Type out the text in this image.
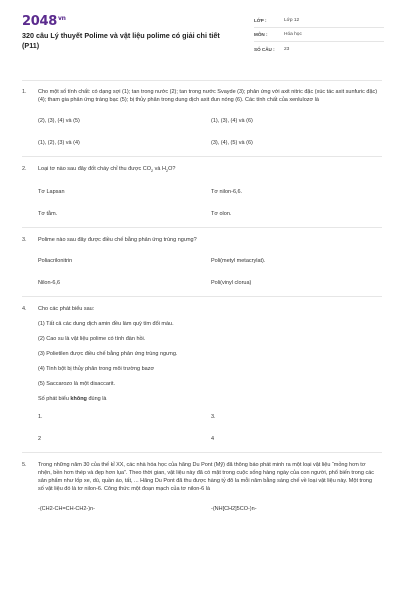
$2048^{vn}$
320 câu Lý thuyết Polime và vật liệu polime có giải chi tiết (P11)
LỚP :	Lớp 12
MÔN :	Hóa học
SỐ CÂU :	23
1.	Cho một số tính chất: có dạng sợi (1); tan trong nước (2); tan trong nước Svayde (3); phản ứng với axit nitric đặc (xúc tác axit sunfuric đặc) (4); tham gia phản ứng tráng bạc (5); bị thủy phân trong dung dịch axit đun nóng (6). Các tính chất của xenlulozơ là
(2), (3), (4) và (5)	(1), (3), (4) và (6)
(1), (2), (3) và (4)	(3), (4), (5) và (6)
2.	Loại tơ nào sau đây đốt cháy chỉ thu được $CO_2$ và $H_2O$?
Tơ Lapsan	Tơ nilon-6,6.
Tơ tằm.	Tơ olon.
3.	Polime nào sau đây được điều chế bằng phản ứng trùng ngưng?
Poliacrilonitrin	Poli(metyl metacrylat).
Nilon-6,6	Poli(vinyl clorua)
4.	Cho các phát biểu sau:
(1) Tất cả các dung dịch amin đều làm quỳ tím đổi màu.
(2) Cao su là vật liệu polime có tính đàn hồi.
(3) Polietilen được điều chế bằng phản ứng trùng ngưng.
(4) Tinh bột bị thủy phân trong môi trường bazơ
(5) Saccarozo là một disaccarit.
Số phát biểu không đúng là
1.	3.
2	4
5.	Trong những năm 30 của thế kỉ XX, các nhà hóa học của hãng Du Pont (Mỹ) đã thông báo phát minh ra một loại vật liệu “mỏng hơn tơ nhện, bền hơn thép và đẹp hơn lụa”. Theo thời gian, vật liệu này đã có mặt trong cuộc sống hàng ngày của con người, phổ biến trong các sản phẩm như lốp xe, dù, quần áo, tất, ... Hãng Du Pont đã thu được hàng tỷ đô la mỗi năm bằng sáng chế về loại vật liệu này. Một trong số vật liệu đó là tơ nilon-6. Công thức một đoạn mạch của tơ nilon-6 là
-(CH2-CH=CH-CH2-)n-	-(NH[CH2]5CO-)n-
